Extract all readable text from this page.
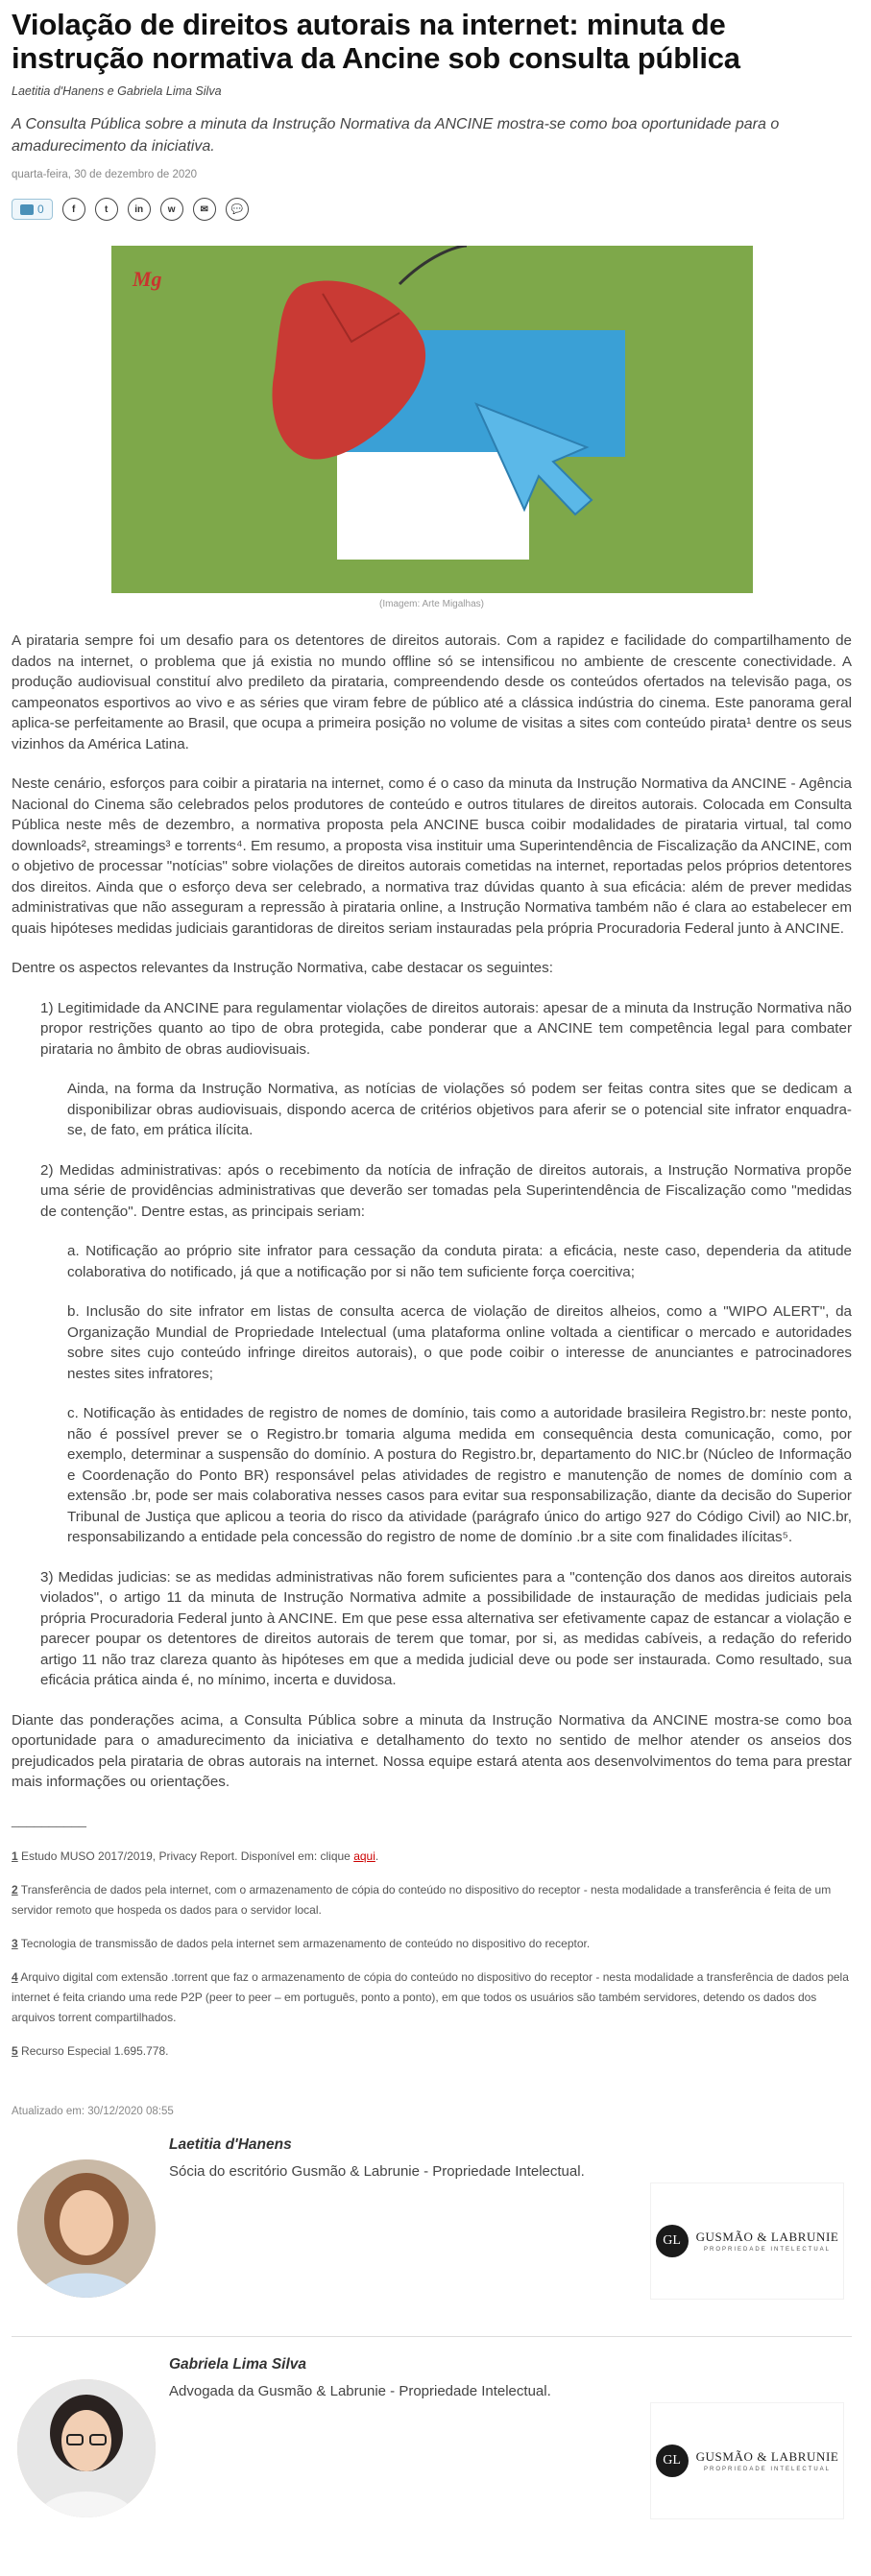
Violação de direitos autorais na internet: minuta de instrução normativa da Ancine sob consulta pública
Laetitia d'Hanens e Gabriela Lima Silva

A Consulta Pública sobre a minuta da Instrução Normativa da ANCINE mostra-se como boa oportunidade para o amadurecimento da iniciativa.

quarta-feira, 30 de dezembro de 2020
0	f	t	in	w	✉	💬
Mg
(Imagem: Arte Migalhas)

A pirataria sempre foi um desafio para os detentores de direitos autorais. Com a rapidez e facilidade do compartilhamento de dados na internet, o problema que já existia no mundo offline só se intensificou no ambiente de crescente conectividade. A produção audiovisual constituí alvo predileto da pirataria, compreendendo desde os conteúdos ofertados na televisão paga, os campeonatos esportivos ao vivo e as séries que viram febre de público até a clássica indústria do cinema. Este panorama geral aplica-se perfeitamente ao Brasil, que ocupa a primeira posição no volume de visitas a sites com conteúdo pirata¹ dentre os seus vizinhos da América Latina.

Neste cenário, esforços para coibir a pirataria na internet, como é o caso da minuta da Instrução Normativa da ANCINE - Agência Nacional do Cinema são celebrados pelos produtores de conteúdo e outros titulares de direitos autorais. Colocada em Consulta Pública neste mês de dezembro, a normativa proposta pela ANCINE busca coibir modalidades de pirataria virtual, tal como downloads², streamings³ e torrents⁴. Em resumo, a proposta visa instituir uma Superintendência de Fiscalização da ANCINE, com o objetivo de processar "notícias" sobre violações de direitos autorais cometidas na internet, reportadas pelos próprios detentores dos direitos. Ainda que o esforço deva ser celebrado, a normativa traz dúvidas quanto à sua eficácia: além de prever medidas administrativas que não asseguram a repressão à pirataria online, a Instrução Normativa também não é clara ao estabelecer em quais hipóteses medidas judiciais garantidoras de direitos seriam instauradas pela própria Procuradoria Federal junto à ANCINE.

Dentre os aspectos relevantes da Instrução Normativa, cabe destacar os seguintes:

1) Legitimidade da ANCINE para regulamentar violações de direitos autorais: apesar de a minuta da Instrução Normativa não propor restrições quanto ao tipo de obra protegida, cabe ponderar que a ANCINE tem competência legal para combater pirataria no âmbito de obras audiovisuais.

Ainda, na forma da Instrução Normativa, as notícias de violações só podem ser feitas contra sites que se dedicam a disponibilizar obras audiovisuais, dispondo acerca de critérios objetivos para aferir se o potencial site infrator enquadra-se, de fato, em prática ilícita.

2) Medidas administrativas: após o recebimento da notícia de infração de direitos autorais, a Instrução Normativa propõe uma série de providências administrativas que deverão ser tomadas pela Superintendência de Fiscalização como "medidas de contenção". Dentre estas, as principais seriam:

a. Notificação ao próprio site infrator para cessação da conduta pirata: a eficácia, neste caso, dependeria da atitude colaborativa do notificado, já que a notificação por si não tem suficiente força coercitiva;

b. Inclusão do site infrator em listas de consulta acerca de violação de direitos alheios, como a "WIPO ALERT", da Organização Mundial de Propriedade Intelectual (uma plataforma online voltada a cientificar o mercado e autoridades sobre sites cujo conteúdo infringe direitos autorais), o que pode coibir o interesse de anunciantes e patrocinadores nestes sites infratores;

c. Notificação às entidades de registro de nomes de domínio, tais como a autoridade brasileira Registro.br: neste ponto, não é possível prever se o Registro.br tomaria alguma medida em consequência desta comunicação, como, por exemplo, determinar a suspensão do domínio. A postura do Registro.br, departamento do NIC.br (Núcleo de Informação e Coordenação do Ponto BR) responsável pelas atividades de registro e manutenção de nomes de domínio com a extensão .br, pode ser mais colaborativa nesses casos para evitar sua responsabilização, diante da decisão do Superior Tribunal de Justiça que aplicou a teoria do risco da atividade (parágrafo único do artigo 927 do Código Civil) ao NIC.br, responsabilizando a entidade pela concessão do registro de nome de domínio .br a site com finalidades ilícitas⁵.

3) Medidas judicias: se as medidas administrativas não forem suficientes para a "contenção dos danos aos direitos autorais violados", o artigo 11 da minuta de Instrução Normativa admite a possibilidade de instauração de medidas judiciais pela própria Procuradoria Federal junto à ANCINE. Em que pese essa alternativa ser efetivamente capaz de estancar a violação e parecer poupar os detentores de direitos autorais de terem que tomar, por si, as medidas cabíveis, a redação do referido artigo 11 não traz clareza quanto às hipóteses em que a medida judicial deve ou pode ser instaurada. Como resultado, sua eficácia prática ainda é, no mínimo, incerta e duvidosa.

Diante das ponderações acima, a Consulta Pública sobre a minuta da Instrução Normativa da ANCINE mostra-se como boa oportunidade para o amadurecimento da iniciativa e detalhamento do texto no sentido de melhor atender os anseios dos prejudicados pela pirataria de obras autorais na internet. Nossa equipe estará atenta aos desenvolvimentos do tema para prestar mais informações ou orientações.

__________
1 Estudo MUSO 2017/2019, Privacy Report. Disponível em: clique aqui.
2 Transferência de dados pela internet, com o armazenamento de cópia do conteúdo no dispositivo do receptor - nesta modalidade a transferência é feita de um servidor remoto que hospeda os dados para o servidor local.
3 Tecnologia de transmissão de dados pela internet sem armazenamento de conteúdo no dispositivo do receptor.
4 Arquivo digital com extensão .torrent que faz o armazenamento de cópia do conteúdo no dispositivo do receptor - nesta modalidade a transferência de dados pela internet é feita criando uma rede P2P (peer to peer – em português, ponto a ponto), em que todos os usuários são também servidores, detendo os dados dos arquivos torrent compartilhados.
5 Recurso Especial 1.695.778.
Atualizado em: 30/12/2020 08:55
Laetitia d'Hanens
Sócia do escritório Gusmão & Labrunie - Propriedade Intelectual.
GL	GUSMÃO & LABRUNIE
PROPRIEDADE INTELECTUAL
Gabriela Lima Silva
Advogada da Gusmão & Labrunie - Propriedade Intelectual.
GL	GUSMÃO & LABRUNIE
PROPRIEDADE INTELECTUAL
